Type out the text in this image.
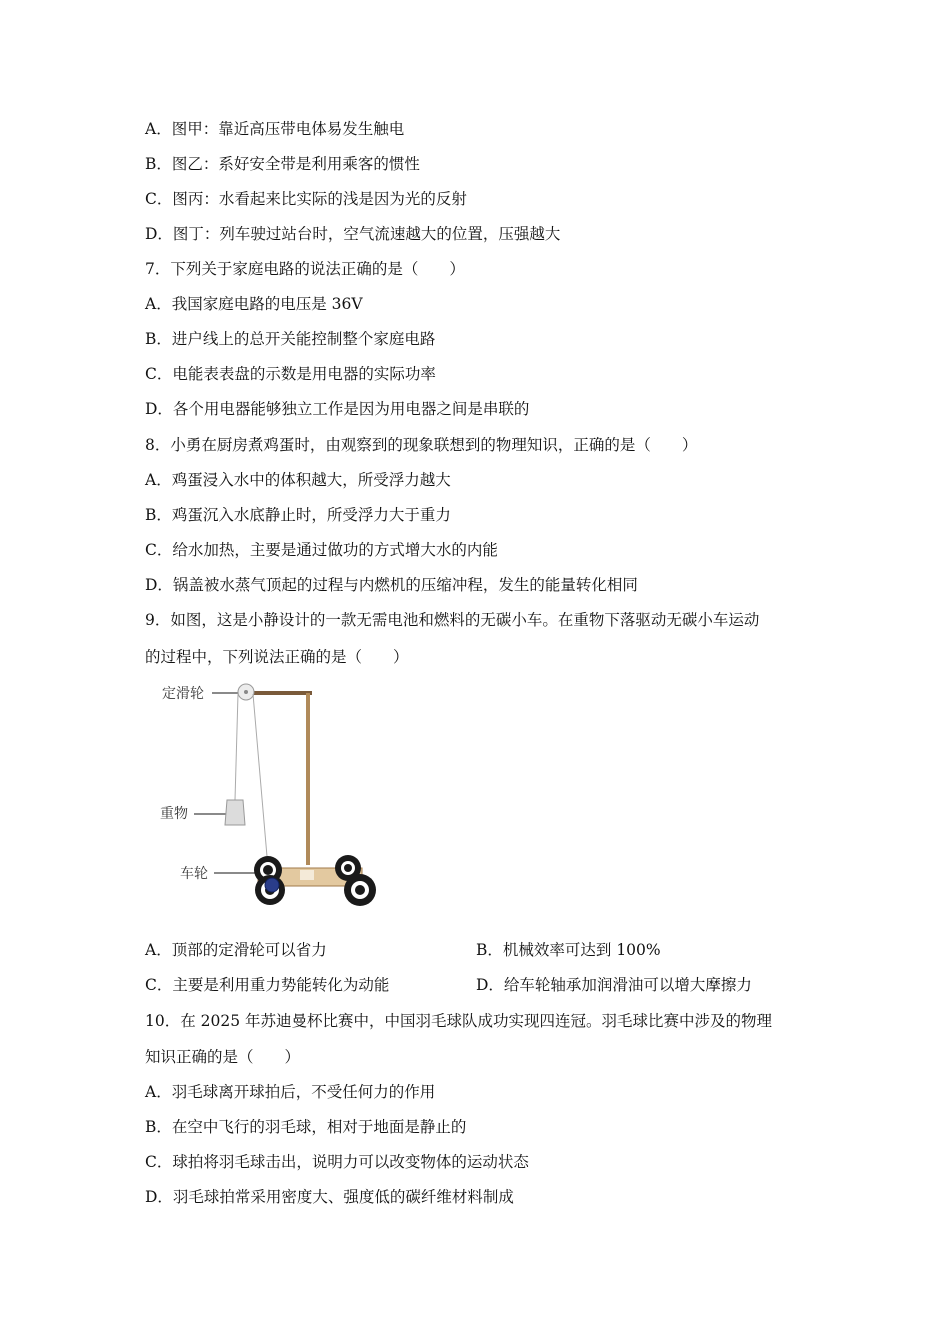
A．图甲：靠近高压带电体易发生触电
B．图乙：系好安全带是利用乘客的惯性
C．图丙：水看起来比实际的浅是因为光的反射
D．图丁：列车驶过站台时，空气流速越大的位置，压强越大
7．下列关于家庭电路的说法正确的是（　　）
A．我国家庭电路的电压是 36V
B．进户线上的总开关能控制整个家庭电路
C．电能表表盘的示数是用电器的实际功率
D．各个用电器能够独立工作是因为用电器之间是串联的
8．小勇在厨房煮鸡蛋时，由观察到的现象联想到的物理知识，正确的是（　　）
A．鸡蛋浸入水中的体积越大，所受浮力越大
B．鸡蛋沉入水底静止时，所受浮力大于重力
C．给水加热，主要是通过做功的方式增大水的内能
D．锅盖被水蒸气顶起的过程与内燃机的压缩冲程，发生的能量转化相同
9．如图，这是小静设计的一款无需电池和燃料的无碳小车。在重物下落驱动无碳小车运动
的过程中，下列说法正确的是（　　）
定滑轮
重物
车轮
A．顶部的定滑轮可以省力	B．机械效率可达到 100%
C．主要是利用重力势能转化为动能	D．给车轮轴承加润滑油可以增大摩擦力
10．在 2025 年苏迪曼杯比赛中，中国羽毛球队成功实现四连冠。羽毛球比赛中涉及的物理
知识正确的是（　　）
A．羽毛球离开球拍后，不受任何力的作用
B．在空中飞行的羽毛球，相对于地面是静止的
C．球拍将羽毛球击出，说明力可以改变物体的运动状态
D．羽毛球拍常采用密度大、强度低的碳纤维材料制成
